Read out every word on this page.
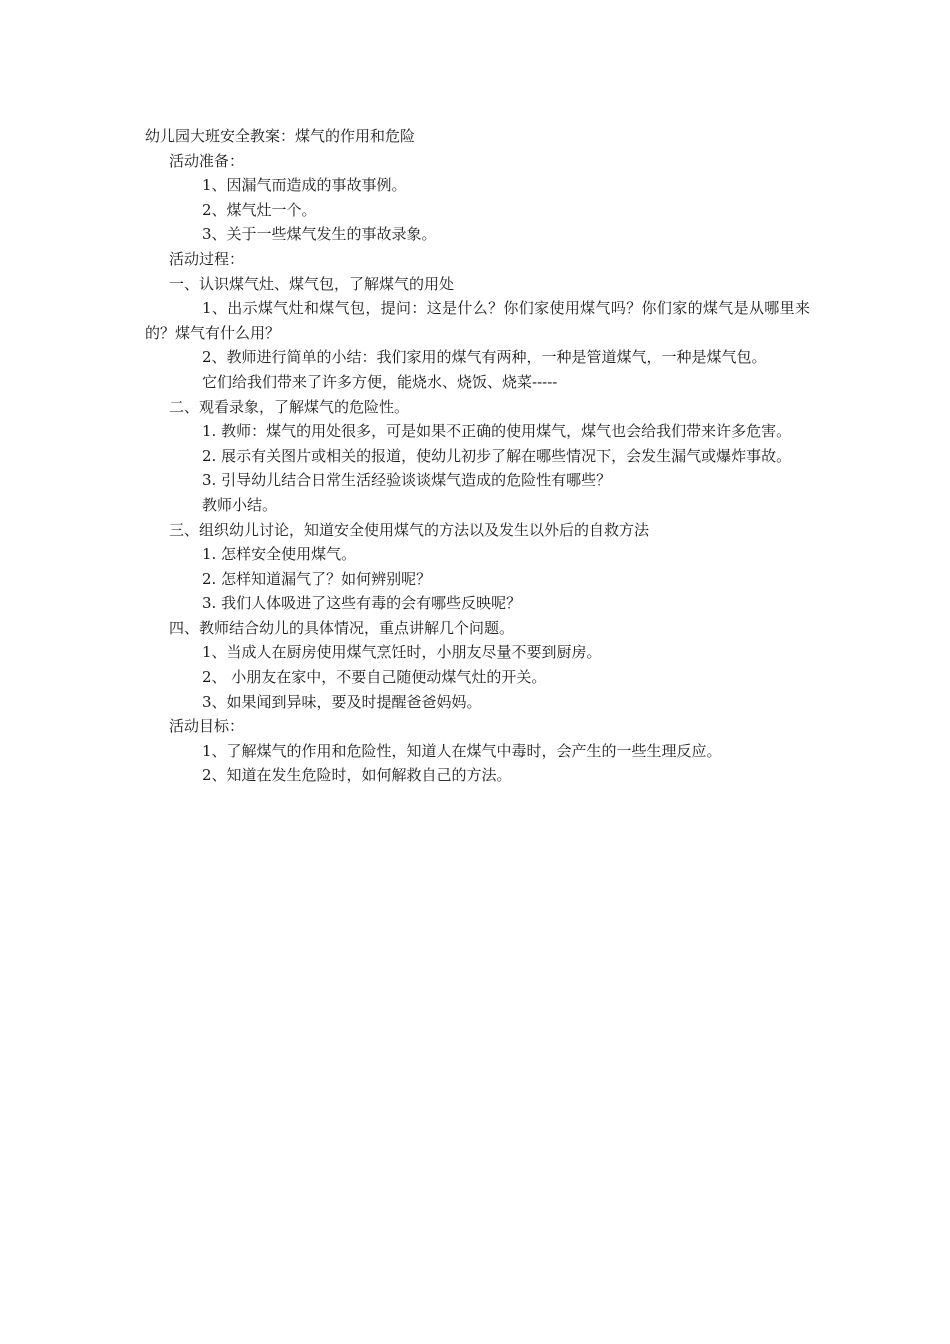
幼儿园大班安全教案：煤气的作用和危险
活动准备：
1、因漏气而造成的事故事例。
2、煤气灶一个。
3、关于一些煤气发生的事故录象。
活动过程：
一、认识煤气灶、煤气包，了解煤气的用处
1、出示煤气灶和煤气包，提问：这是什么？你们家使用煤气吗？你们家的煤气是从哪里来的？煤气有什么用？
2、教师进行简单的小结：我们家用的煤气有两种，一种是管道煤气，一种是煤气包。
它们给我们带来了许多方便，能烧水、烧饭、烧菜-----
二、观看录象，了解煤气的危险性。
1. 教师：煤气的用处很多，可是如果不正确的使用煤气，煤气也会给我们带来许多危害。
2. 展示有关图片或相关的报道，使幼儿初步了解在哪些情况下，会发生漏气或爆炸事故。
3. 引导幼儿结合日常生活经验谈谈煤气造成的危险性有哪些？
教师小结。
三、组织幼儿讨论，知道安全使用煤气的方法以及发生以外后的自救方法
1. 怎样安全使用煤气。
2. 怎样知道漏气了？如何辨别呢？
3. 我们人体吸进了这些有毒的会有哪些反映呢？
四、教师结合幼儿的具体情况，重点讲解几个问题。
1、当成人在厨房使用煤气烹饪时，小朋友尽量不要到厨房。
2、 小朋友在家中，不要自己随便动煤气灶的开关。
3、如果闻到异味，要及时提醒爸爸妈妈。
活动目标：
1、了解煤气的作用和危险性，知道人在煤气中毒时，会产生的一些生理反应。
2、知道在发生危险时，如何解救自己的方法。
